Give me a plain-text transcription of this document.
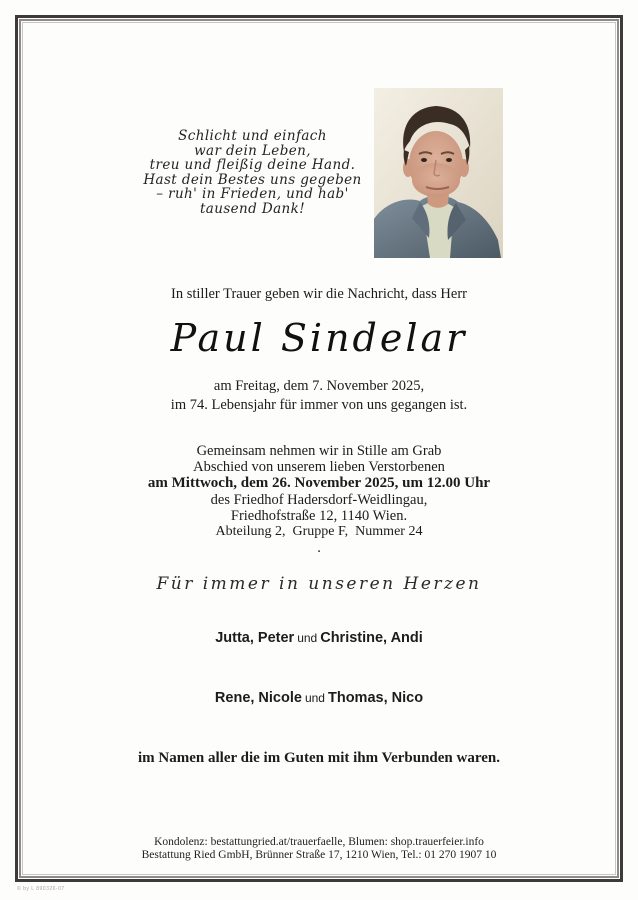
Schlicht und einfach
war dein Leben,
treu und fleißig deine Hand.
Hast dein Bestes uns gegeben
– ruh' in Frieden, und hab'
tausend Dank!
In stiller Trauer geben wir die Nachricht, dass Herr
Paul Sindelar
am Freitag, dem 7. November 2025,
im 74. Lebensjahr für immer von uns gegangen ist.
Gemeinsam nehmen wir in Stille am Grab
Abschied von unserem lieben Verstorbenen
am Mittwoch, dem 26. November 2025, um 12.00 Uhr
des Friedhof Hadersdorf-Weidlingau,
Friedhofstraße 12, 1140 Wien.
Abteilung 2,  Gruppe F,  Nummer 24
.
Für immer in unseren Herzen
Jutta, Peter und Christine, Andi
Rene, Nicole und Thomas, Nico
im Namen aller die im Guten mit ihm Verbunden waren.
Kondolenz: bestattungried.at/trauerfaelle, Blumen: shop.trauerfeier.info
Bestattung Ried GmbH, Brünner Straße 17, 1210 Wien, Tel.: 01 270 1907 10
© by L 890326-07
